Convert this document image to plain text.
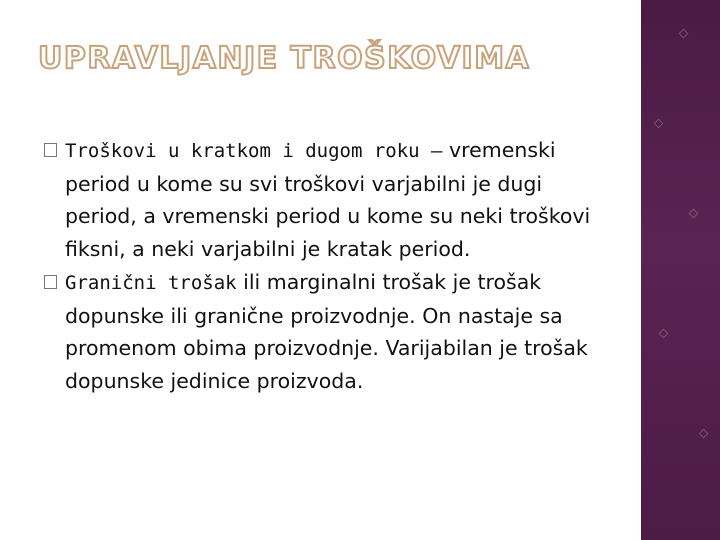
UPRAVLJANJE TROŠKOVIMA
Troškovi u kratkom i dugom roku – vremenski period u kome su svi troškovi varjabilni je dugi period, a vremenski period u kome su neki troškovi fiksni, a neki varjabilni je kratak period.
Granični trošak ili marginalni trošak je trošak dopunske ili granične proizvodnje. On nastaje sa promenom obima proizvodnje. Varijabilan je trošak dopunske jedinice proizvoda.
